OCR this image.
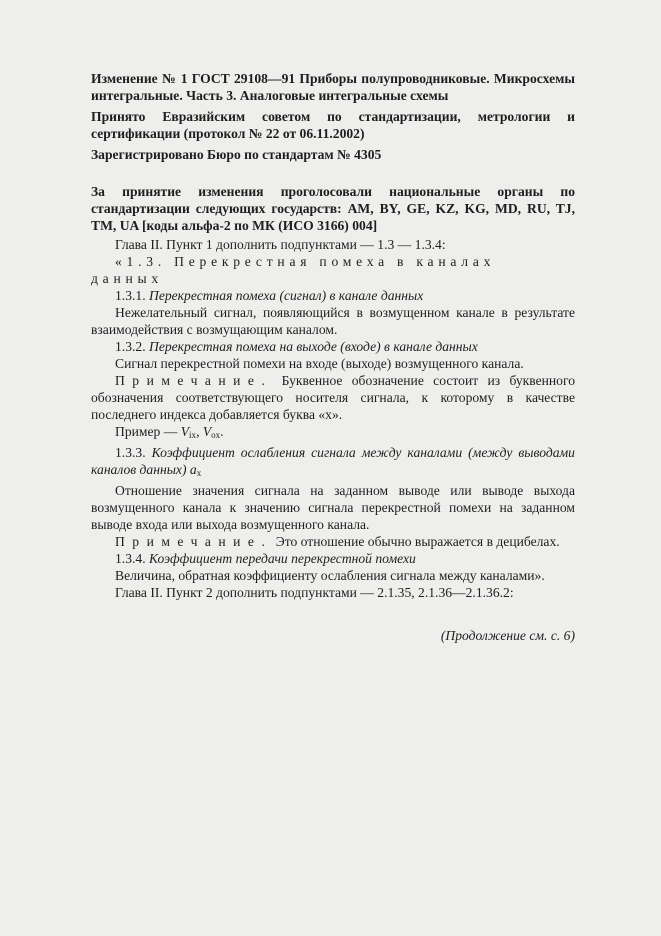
Изменение № 1 ГОСТ 29108—91 Приборы полупроводниковые. Микросхемы интегральные. Часть 3. Аналоговые интегральные схемы

Принято Евразийским советом по стандартизации, метрологии и сертификации (протокол № 22 от 06.11.2002)

Зарегистрировано Бюро по стандартам № 4305

За принятие изменения проголосовали национальные органы по стандартизации следующих государств: AM, BY, GE, KZ, KG, MD, RU, TJ, TM, UA [коды альфа-2 по МК (ИСО 3166) 004]

Глава II. Пункт 1 дополнить подпунктами — 1.3 — 1.3.4:

«1.3. Перекрестная помеха в каналах данных

1.3.1. Перекрестная помеха (сигнал) в канале данных

Нежелательный сигнал, появляющийся в возмущенном канале в результате взаимодействия с возмущающим каналом.

1.3.2. Перекрестная помеха на выходе (входе) в канале данных

Сигнал перекрестной помехи на входе (выходе) возмущенного канала.

Примечание. Буквенное обозначение состоит из буквенного обозначения соответствующего носителя сигнала, к которому в качестве последнего индекса добавляется буква «х».

Пример — $V_{ix}$, $V_{ox}$.

1.3.3. Коэффициент ослабления сигнала между каналами (между выводами каналов данных) $a_x$

Отношение значения сигнала на заданном выводе или выводе выхода возмущенного канала к значению сигнала перекрестной помехи на заданном выводе входа или выхода возмущенного канала.

Примечание. Это отношение обычно выражается в децибелах.

1.3.4. Коэффициент передачи перекрестной помехи

Величина, обратная коэффициенту ослабления сигнала между каналами».

Глава II. Пункт 2 дополнить подпунктами — 2.1.35, 2.1.36—2.1.36.2:

(Продолжение см. с. 6)
